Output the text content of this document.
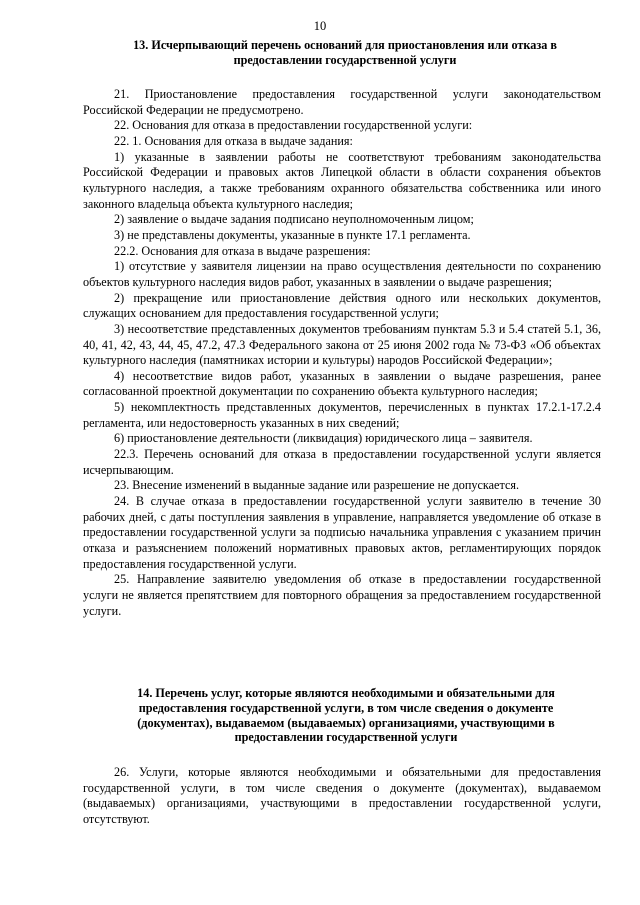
10
13. Исчерпывающий перечень оснований для приостановления или отказа в
предоставлении государственной услуги

21. Приостановление предоставления государственной услуги законодательством Российской Федерации не предусмотрено.

22. Основания для отказа в предоставлении государственной услуги:

22. 1. Основания для отказа в выдаче задания:

1) указанные в заявлении работы не соответствуют требованиям законодательства Российской Федерации и правовых актов Липецкой области в области сохранения объектов культурного наследия, а также требованиям охранного обязательства собственника или иного законного владельца объекта культурного наследия;

2) заявление о выдаче задания подписано неуполномоченным лицом;

3) не представлены документы, указанные в пункте 17.1 регламента.

22.2. Основания для отказа в выдаче разрешения:

1) отсутствие у заявителя лицензии на право осуществления деятельности по сохранению объектов культурного наследия видов работ, указанных в заявлении о выдаче разрешения;

2) прекращение или приостановление действия одного или нескольких документов, служащих основанием для предоставления государственной услуги;

3) несоответствие представленных документов требованиям пунктам 5.3 и 5.4 статей 5.1, 36, 40, 41, 42, 43, 44, 45, 47.2, 47.3 Федерального закона от 25 июня 2002 года № 73-ФЗ «Об объектах культурного наследия (памятниках истории и культуры) народов Российской Федерации»;

4) несоответствие видов работ, указанных в заявлении о выдаче разрешения, ранее согласованной проектной документации по сохранению объекта культурного наследия;

5) некомплектность представленных документов, перечисленных в пунктах 17.2.1-17.2.4 регламента, или недостоверность указанных в них сведений;

6) приостановление деятельности (ликвидация) юридического лица – заявителя.

22.3. Перечень оснований для отказа в предоставлении государственной услуги является исчерпывающим.

23. Внесение изменений в выданные задание или разрешение не допускается.

24. В случае отказа в предоставлении государственной услуги заявителю в течение 30 рабочих дней, с даты поступления заявления в управление, направляется уведомление об отказе в предоставлении государственной услуги за подписью начальника управления с указанием причин отказа и разъяснением положений нормативных правовых актов, регламентирующих порядок предоставления государственной услуги.

25. Направление заявителю уведомления об отказе в предоставлении государственной услуги не является препятствием для повторного обращения за предоставлением государственной услуги.

14. Перечень услуг, которые являются необходимыми и обязательными для
предоставления государственной услуги, в том числе сведения о документе
(документах), выдаваемом (выдаваемых) организациями, участвующими в
предоставлении государственной услуги

26. Услуги, которые являются необходимыми и обязательными для предоставления государственной услуги, в том числе сведения о документе (документах), выдаваемом (выдаваемых) организациями, участвующими в предоставлении государственной услуги, отсутствуют.
